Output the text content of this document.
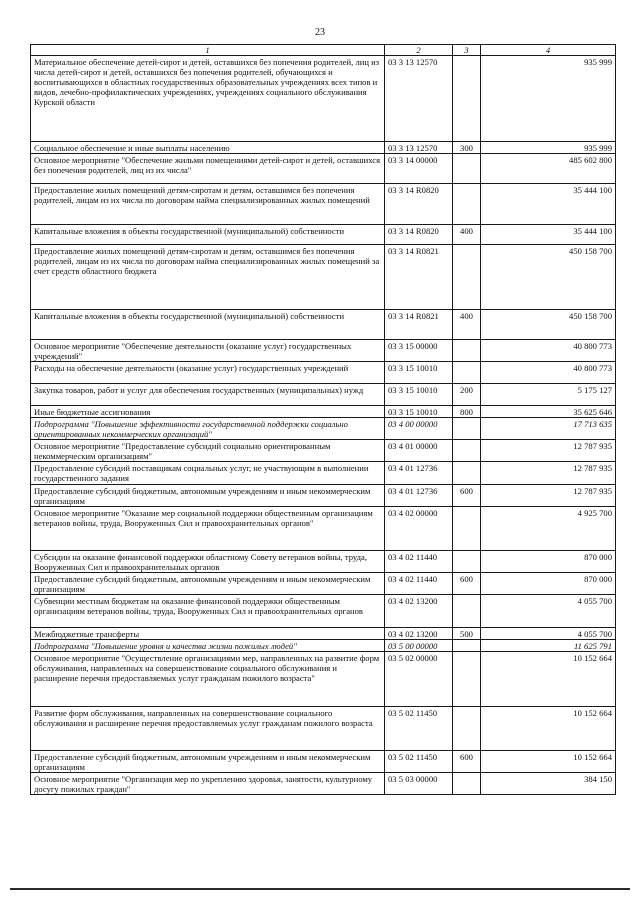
23
1	2	3	4
Материальное обеспечение детей-сирот и детей, оставшихся без попечения родителей, лиц из числа детей-сирот и детей, оставшихся без попечения родителей, обучающихся и воспитывающихся в областных государственных образовательных учреждениях всех типов и видов, лечебно-профилактических учреждениях, учреждениях социального обслуживания Курской области	03 3 13 12570		935 999
Социальное обеспечение и иные выплаты населению	03 3 13 12570	300	935 999
Основное мероприятие "Обеспечение жильми помещениями детей-сирот и детей, оставшихся без попечения родителей, лиц из их числа"	03 3 14 00000		485 602 800
Предоставление жилых помещений детям-сиротам и детям, оставшимся без попечения родителей, лицам из их числа по договорам найма специализированных жилых помещений	03 3 14 R0820		35 444 100
Капитальные вложения в объекты государственной (муниципальной) собственности	03 3 14 R0820	400	35 444 100
Предоставление жилых помещений детям-сиротам и детям, оставшимся без попечения родителей, лицам из их числа по договорам найма специализированных жилых помещений за счет средств областного бюджета	03 3 14 R0821		450 158 700
Капитальные вложения в объекты государственной (муниципальной) собственности	03 3 14 R0821	400	450 158 700
Основное мероприятие "Обеспечение деятельности (оказание услуг) государственных учреждений"	03 3 15 00000		40 800 773
Расходы на обеспечение деятельности (оказание услуг) государственных учреждений	03 3 15 10010		40 800 773
Закупка товаров, работ и услуг для обеспечения государственных (муниципальных) нужд	03 3 15 10010	200	5 175 127
Иные бюджетные ассигнования	03 3 15 10010	800	35 625 646
Подпрограмма "Повышение эффективности государственной поддержки социально ориентированных некоммерческих организаций"	03 4 00 00000		17 713 635
Основное мероприятие "Предоставление субсидий социально ориентированным некоммерческим организациям"	03 4 01 00000		12 787 935
Предоставление субсидий поставщикам социальных услуг, не участвующим в выполнении государственного задания	03 4 01 12736		12 787 935
Предоставление субсидий бюджетным, автономным учреждениям и иным некоммерческим организациям	03 4 01 12736	600	12 787 935
Основное мероприятие "Оказание мер социальной поддержки общественным организациям ветеранов войны, труда, Вооруженных Сил и правоохранительных органов"	03 4 02 00000		4 925 700
Субсидии на оказание финансовой поддержки областному Совету ветеранов войны, труда, Вооруженных Сил и правоохранительных органов	03 4 02 11440		870 000
Предоставление субсидий бюджетным, автономным учреждениям и иным некоммерческим организациям	03 4 02 11440	600	870 000
Субвенции местным бюджетам на оказание финансовой поддержки общественным организациям ветеранов войны, труда, Вооруженных Сил и правоохранительных органов	03 4 02 13200		4 055 700
Межбюджетные трансферты	03 4 02 13200	500	4 055 700
Подпрограмма "Повышение уровня и качества жизни пожилых людей"	03 5 00 00000		11 625 791
Основное мероприятие "Осуществление организациями мер, направленных на развитие форм обслуживания, направленных на совершенствование социального обслуживания и расширение перечня предоставляемых услуг гражданам пожилого возраста"	03 5 02 00000		10 152 664
Развитие форм обслуживания, направленных на совершенствование социального обслуживания и расширение перечня предоставляемых услуг гражданам пожилого возраста	03 5 02 11450		10 152 664
Предоставление субсидий бюджетным, автономным учреждениям и иным некоммерческим организациям	03 5 02 11450	600	10 152 664
Основное мероприятие "Организация мер по укреплению здоровья, занятости, культурному досугу пожилых граждан"	03 5 03 00000		384 150
